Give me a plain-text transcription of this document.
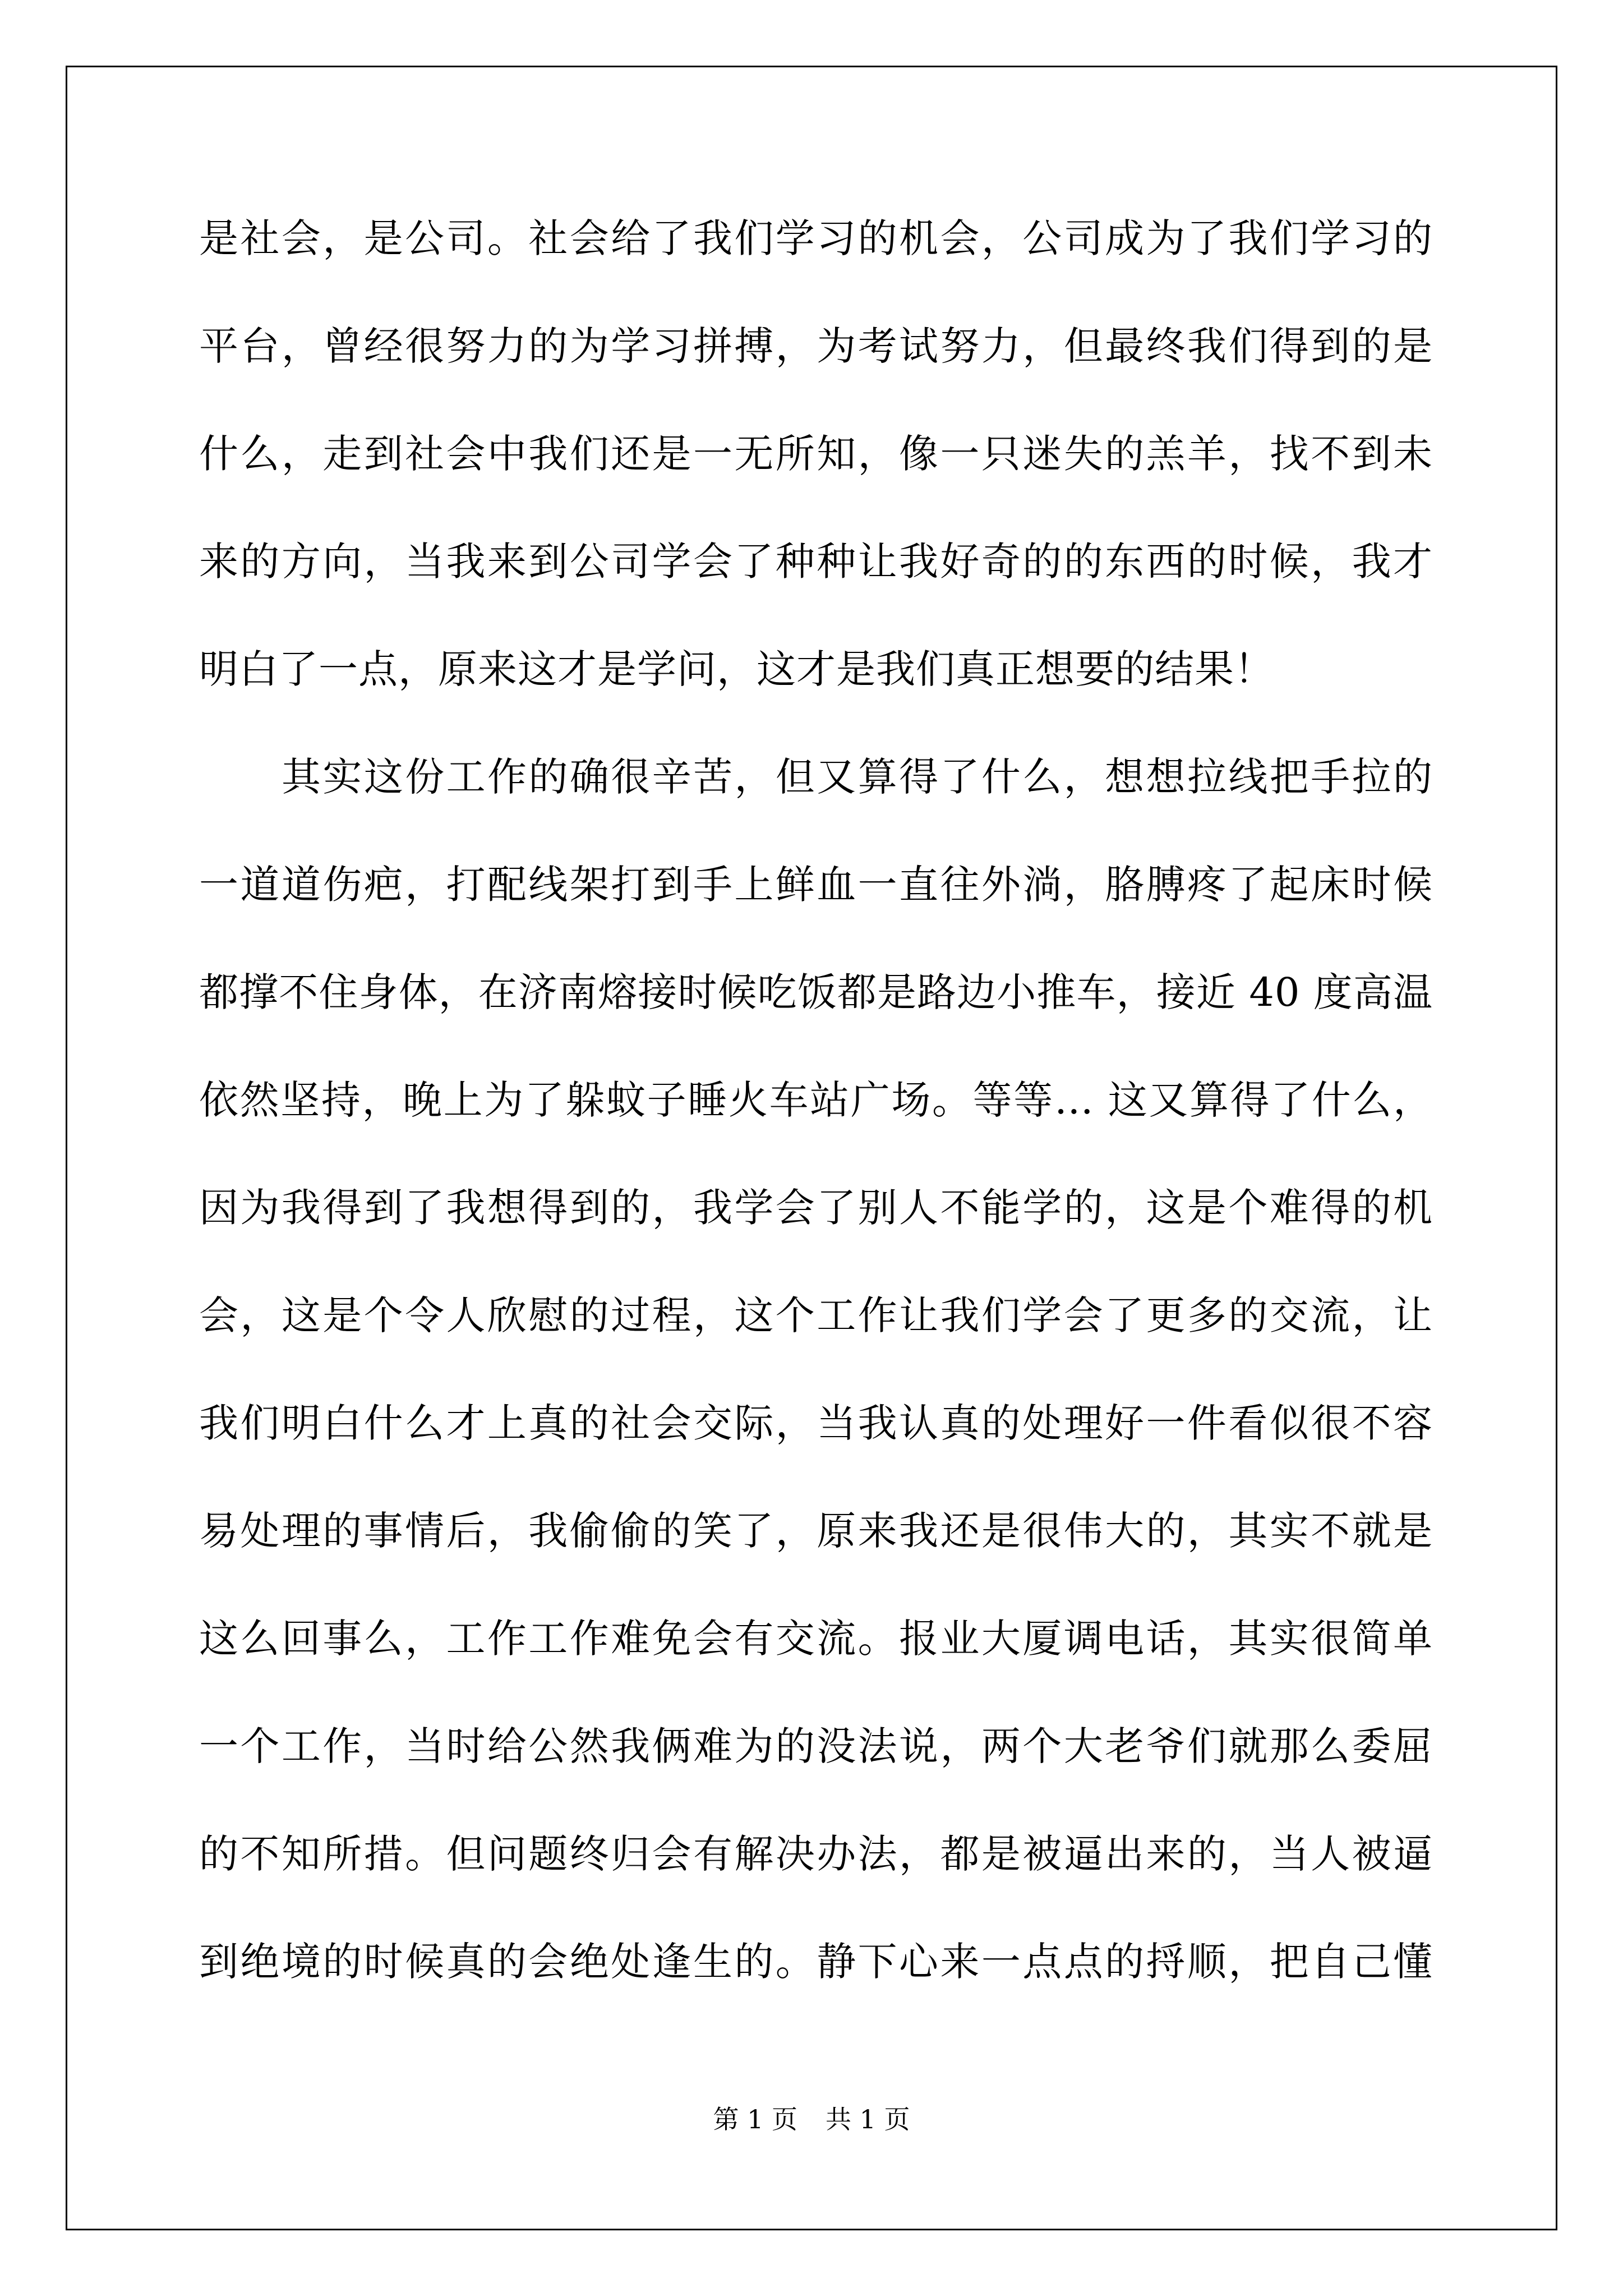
是社会，是公司。社会给了我们学习的机会，公司成为了我们学习的
平台，曾经很努力的为学习拼搏，为考试努力，但最终我们得到的是
什么，走到社会中我们还是一无所知，像一只迷失的羔羊，找不到未
来的方向，当我来到公司学会了种种让我好奇的的东西的时候，我才
明白了一点，原来这才是学问，这才是我们真正想要的结果！
其实这份工作的确很辛苦，但又算得了什么，想想拉线把手拉的
一道道伤疤，打配线架打到手上鲜血一直往外淌，胳膊疼了起床时候
都撑不住身体，在济南熔接时候吃饭都是路边小推车，接近 40 度高温
依然坚持，晚上为了躲蚊子睡火车站广场。等等… 这又算得了什么，
因为我得到了我想得到的，我学会了别人不能学的，这是个难得的机
会，这是个令人欣慰的过程，这个工作让我们学会了更多的交流，让
我们明白什么才上真的社会交际，当我认真的处理好一件看似很不容
易处理的事情后，我偷偷的笑了，原来我还是很伟大的，其实不就是
这么回事么，工作工作难免会有交流。报业大厦调电话，其实很简单
一个工作，当时给公然我俩难为的没法说，两个大老爷们就那么委屈
的不知所措。但问题终归会有解决办法，都是被逼出来的，当人被逼
到绝境的时候真的会绝处逢生的。静下心来一点点的捋顺，把自己懂
第 1 页 共 1 页
